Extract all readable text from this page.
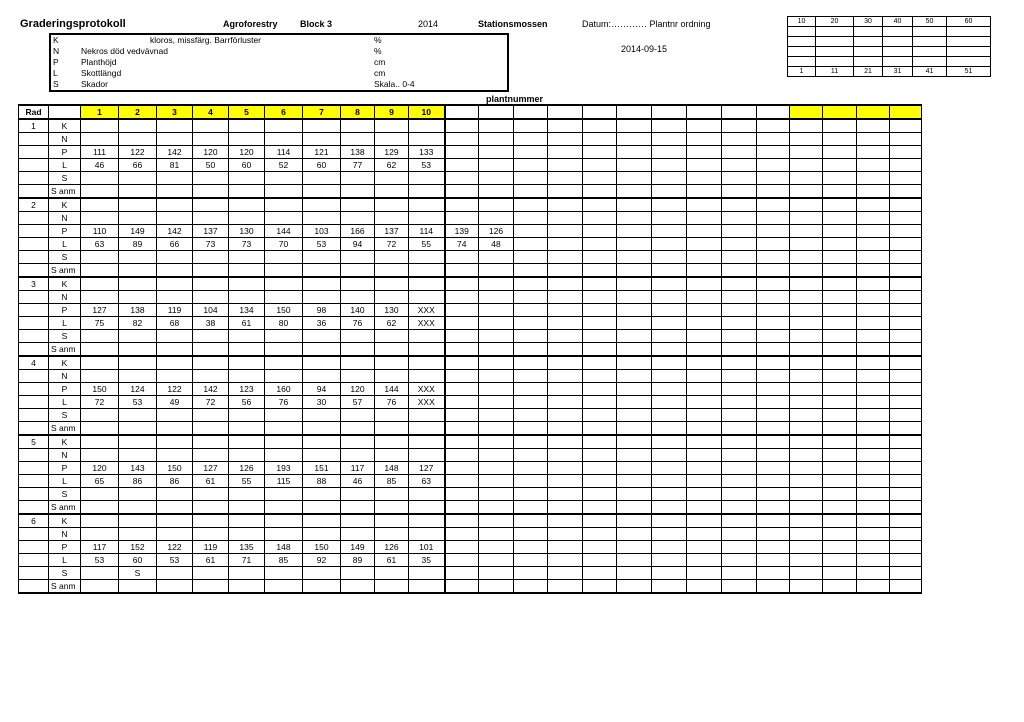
Graderingsprotokoll	Agroforestry Block 3	2014	Stationsmossen	Datum:………… Plantnr ordning
K	kloros, missfärg. Barrförluster	%
N	Nekros död vedvävnad	%
P	Planthöjd	cm
L	Skottlängd	cm
S	Skador	Skala.. 0-4
2014-09-15
10	20	30	40	50	60

1	11	21	31	41	51
plantnummer
Rad		1	2	3	4	5	6	7	8	9	10														
1	K																								
	N																								
	P	111	122	142	120	120	114	121	138	129	133														
	L	46	66	81	50	60	52	60	77	62	53														
	S																								
	S anm																								
2	K																								
	N																								
	P	110	149	142	137	130	144	103	166	137	114	139	126												
	L	63	89	66	73	73	70	53	94	72	55	74	48												
	S																								
	S anm																								
3	K																								
	N																								
	P	127	138	119	104	134	150	98	140	130	XXX														
	L	75	82	68	38	61	80	36	76	62	XXX														
	S																								
	S anm																								
4	K																								
	N																								
	P	150	124	122	142	123	160	94	120	144	XXX														
	L	72	53	49	72	56	76	30	57	76	XXX														
	S																								
	S anm																								
5	K																								
	N																								
	P	120	143	150	127	126	193	151	117	148	127														
	L	65	86	86	61	55	115	88	46	85	63														
	S																								
	S anm																								
6	K																								
	N																								
	P	117	152	122	119	135	148	150	149	126	101														
	L	53	60	53	61	71	85	92	89	61	35														
	S		S																						
	S anm																								
